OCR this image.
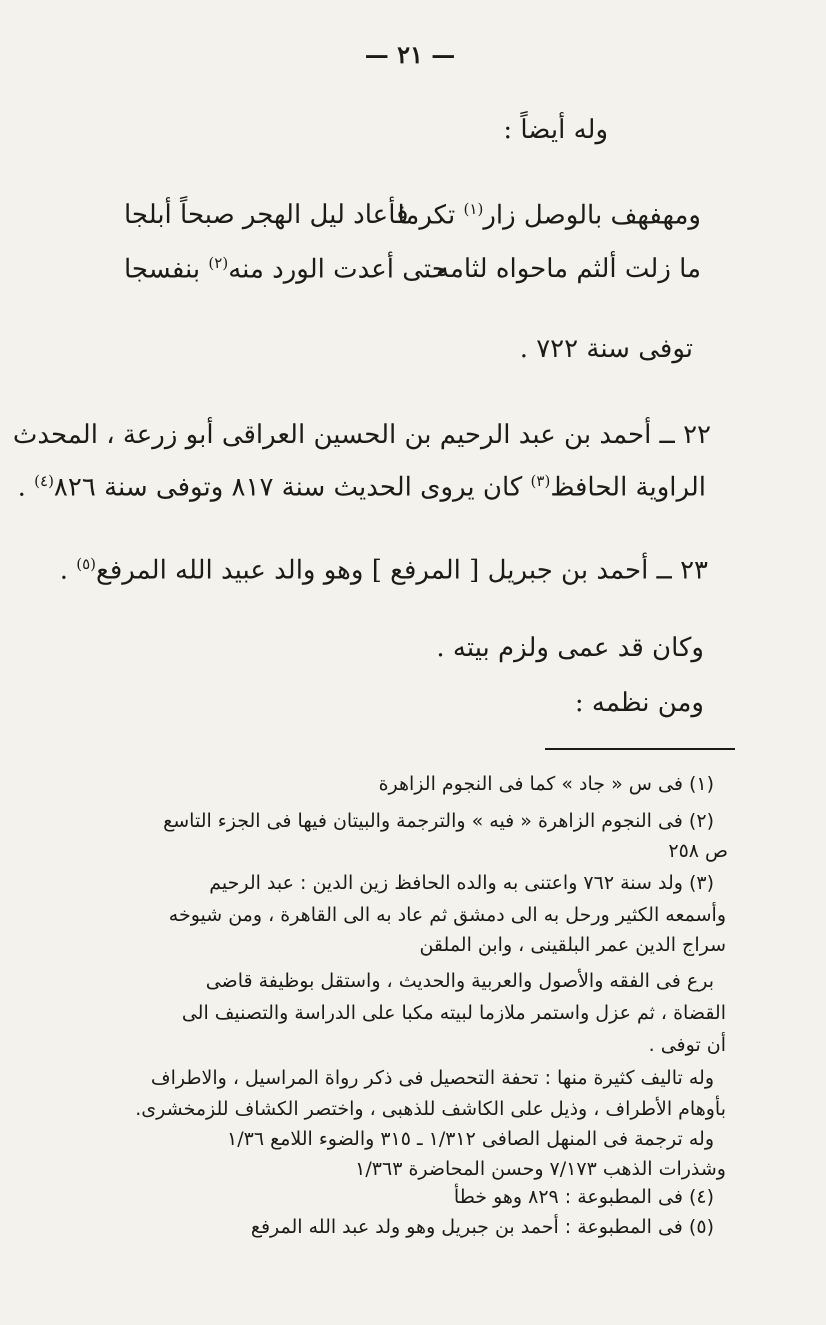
— ٢١ —
وله أيضاً :
ومهفهف بالوصل زار$^{(١)}$ تكرما
فأعاد ليل الهجر صبحاً أبلجا
ما زلت ألثم ماحواه لثامه
حتى أعدت الورد منه$^{(٢)}$ بنفسجا
توفى سنة ٧٢٢ .
٢٢ ــ أحمد بن عبد الرحيم بن الحسين العراقى أبو زرعة ، المحدث
الراوية الحافظ$^{(٣)}$ كان يروى الحديث سنة ٨١٧ وتوفى سنة ٨٢٦$^{(٤)}$ .
٢٣ ــ أحمد بن جبريل [ المرفع ] وهو والد عبيد الله المرفع$^{(٥)}$ .
وكان قد عمى ولزم بيته .
ومن نظمه :
(١) فى س « جاد » كما فى النجوم الزاهرة
(٢) فى النجوم الزاهرة « فيه » والترجمة والبيتان فيها فى الجزء التاسع
ص ٢٥٨
(٣) ولد سنة ٧٦٢ واعتنى به والده الحافظ زين الدين : عبد الرحيم
وأسمعه الكثير ورحل به الى دمشق ثم عاد به الى القاهرة ، ومن شيوخه
سراج الدين عمر البلقينى ، وابن الملقن
برع فى الفقه والأصول والعربية والحديث ، واستقل بوظيفة قاضى
القضاة ، ثم عزل واستمر ملازما لبيته مكبا على الدراسة والتصنيف الى
أن توفى .
وله تاليف كثيرة منها : تحفة التحصيل فى ذكر رواة المراسيل ، والاطراف
بأوهام الأطراف ، وذيل على الكاشف للذهبى ، واختصر الكشاف للزمخشرى.
وله ترجمة فى المنهل الصافى ١/٣١٢ ـ ٣١٥ والضوء اللامع ١/٣٦
وشذرات الذهب ٧/١٧٣ وحسن المحاضرة ١/٣٦٣
(٤) فى المطبوعة : ٨٢٩ وهو خطأ
(٥) فى المطبوعة : أحمد بن جبريل وهو ولد عبد الله المرفع
